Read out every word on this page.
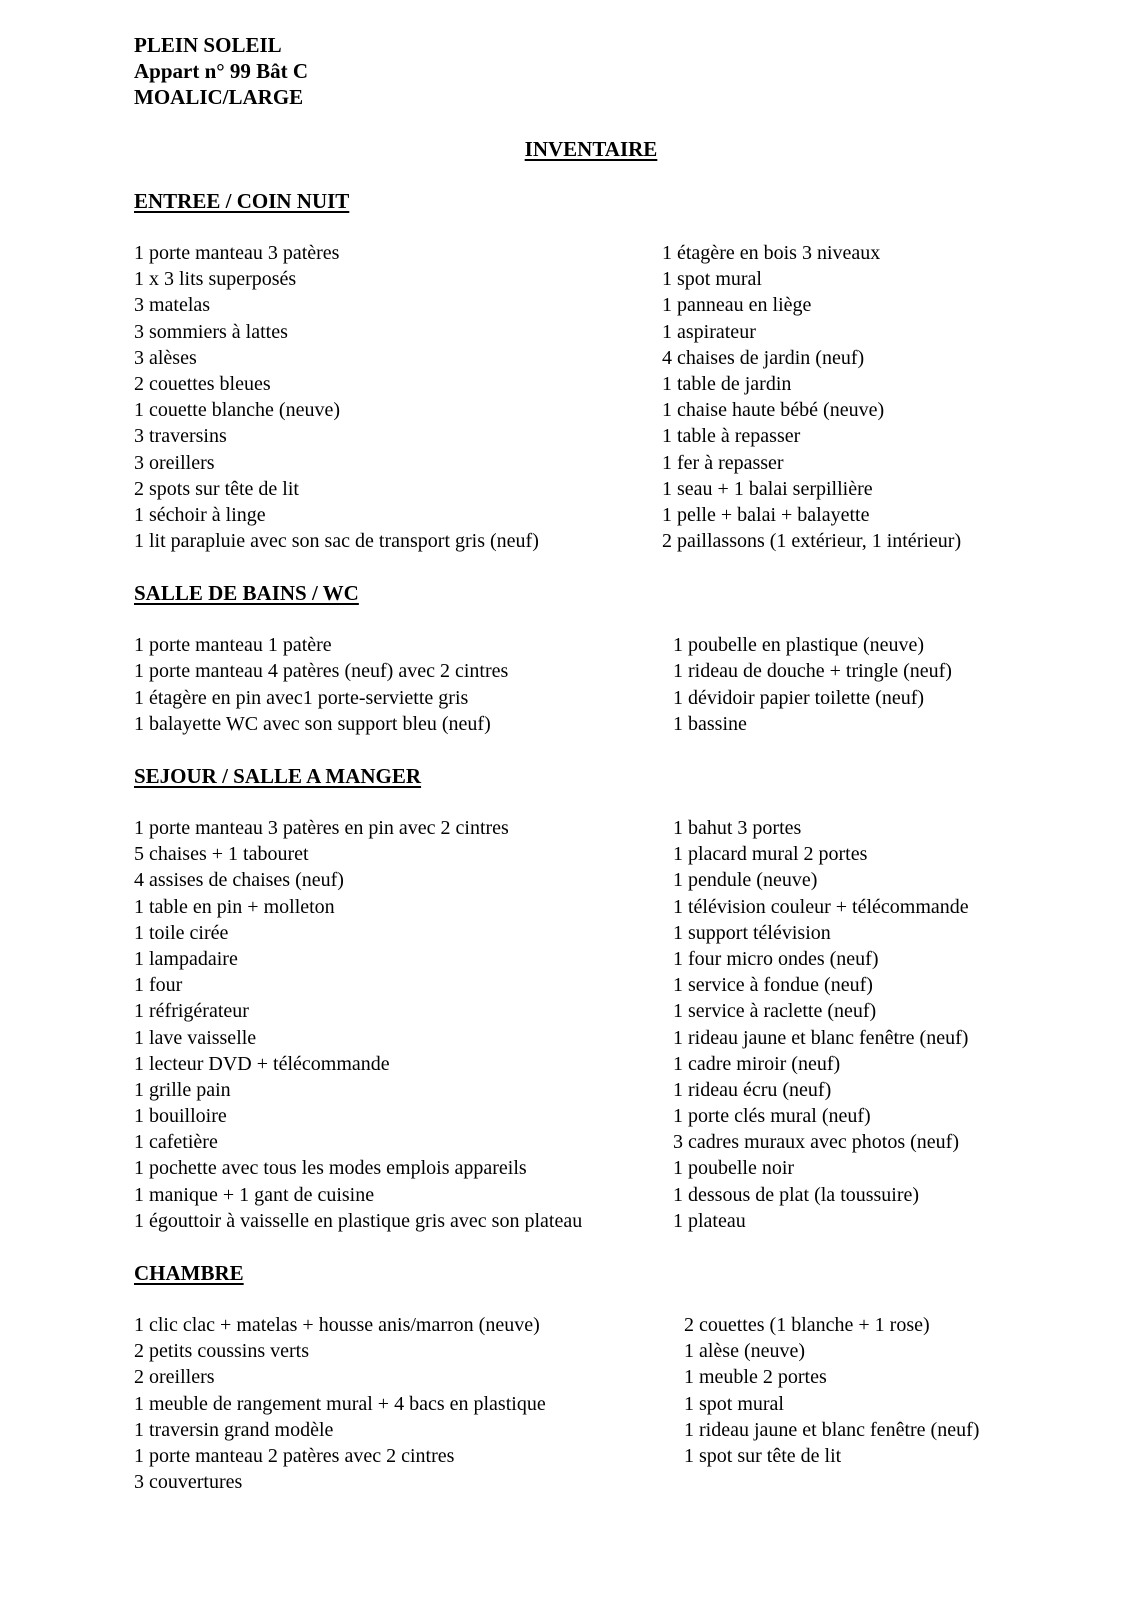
PLEIN SOLEIL
Appart n° 99 Bât C
MOALIC/LARGE
INVENTAIRE
ENTREE / COIN NUIT
1 porte manteau 3 patères
1 x 3 lits superposés
3 matelas
3 sommiers à lattes
3 alèses
2 couettes bleues
1 couette blanche (neuve)
3 traversins
3 oreillers
2 spots sur tête de lit
1 séchoir à linge
1 lit parapluie avec son sac de transport gris (neuf)
1 étagère en bois 3 niveaux
1 spot mural
1 panneau en liège
1 aspirateur
4 chaises de jardin (neuf)
1 table de jardin
1 chaise haute bébé (neuve)
1 table à repasser
1 fer à repasser
1 seau + 1 balai serpillière
1 pelle + balai + balayette
2 paillassons (1 extérieur, 1 intérieur)
SALLE DE BAINS / WC
1 porte manteau 1 patère
1 porte manteau 4 patères (neuf) avec 2 cintres
1 étagère en pin avec1 porte-serviette gris
1 balayette WC avec son support bleu (neuf)
1 poubelle en plastique (neuve)
1 rideau de douche + tringle (neuf)
1 dévidoir papier toilette (neuf)
1 bassine
SEJOUR / SALLE A MANGER
1 porte manteau 3 patères en pin avec 2 cintres
5 chaises + 1 tabouret
4 assises de chaises (neuf)
1 table en pin + molleton
1 toile cirée
1 lampadaire
1 four
1 réfrigérateur
1 lave vaisselle
1 lecteur DVD + télécommande
1 grille pain
1 bouilloire
1 cafetière
1 pochette avec tous les modes emplois appareils
1 manique + 1 gant de cuisine
1 égouttoir à vaisselle en plastique gris avec son plateau
1 bahut 3 portes
1 placard mural 2 portes
1 pendule (neuve)
1 télévision couleur + télécommande
1 support télévision
1 four micro ondes (neuf)
1 service à fondue (neuf)
1 service à raclette (neuf)
1 rideau jaune et blanc fenêtre (neuf)
1 cadre miroir (neuf)
1 rideau écru (neuf)
1 porte clés mural (neuf)
3 cadres muraux avec photos (neuf)
1 poubelle noir
1 dessous de plat (la toussuire)
1 plateau
CHAMBRE
1 clic clac + matelas + housse anis/marron (neuve)
2 petits coussins verts
2 oreillers
1 meuble de rangement mural + 4 bacs en plastique
1 traversin grand modèle
1 porte manteau 2 patères avec 2 cintres
3 couvertures
2 couettes (1 blanche + 1 rose)
1 alèse (neuve)
1 meuble 2 portes
1 spot mural
1 rideau jaune et blanc fenêtre (neuf)
1 spot sur tête de lit
